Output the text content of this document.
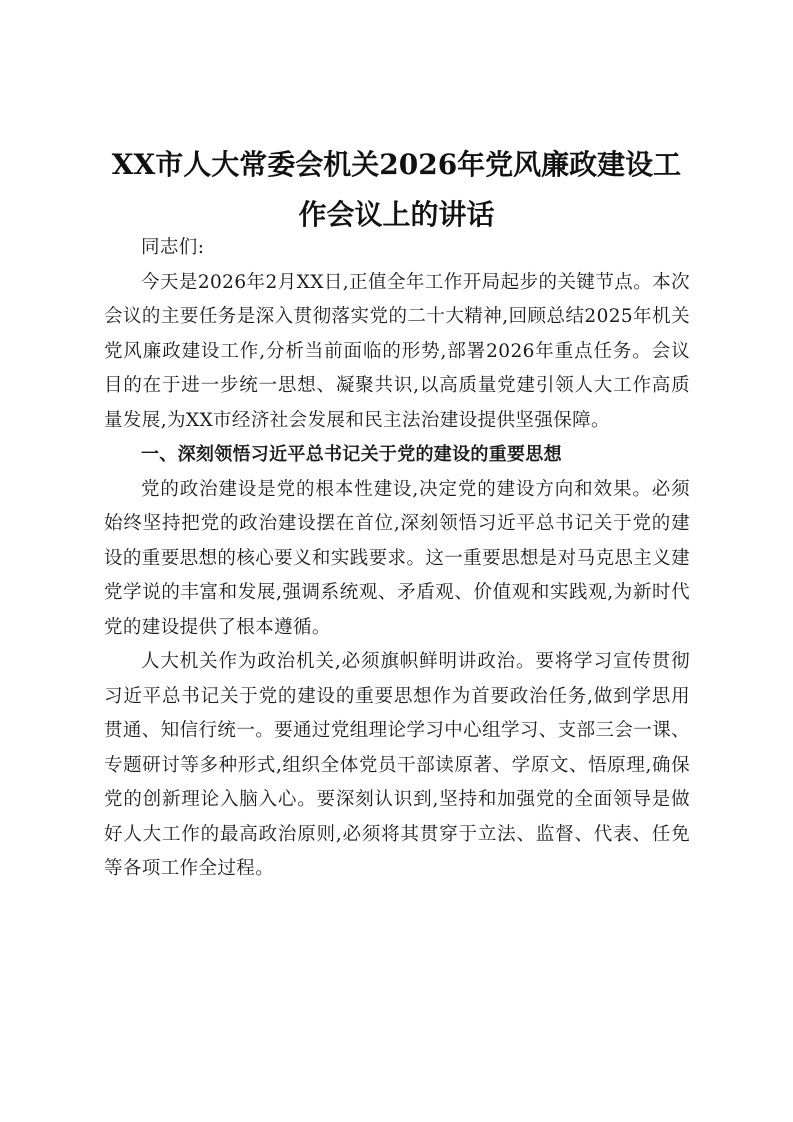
XX市人大常委会机关2026年党风廉政建设工作会议上的讲话

同志们:

今天是2026年2月XX日,正值全年工作开局起步的关键节点。本次会议的主要任务是深入贯彻落实党的二十大精神,回顾总结2025年机关党风廉政建设工作,分析当前面临的形势,部署2026年重点任务。会议目的在于进一步统一思想、凝聚共识,以高质量党建引领人大工作高质量发展,为XX市经济社会发展和民主法治建设提供坚强保障。

一、深刻领悟习近平总书记关于党的建设的重要思想

党的政治建设是党的根本性建设,决定党的建设方向和效果。必须始终坚持把党的政治建设摆在首位,深刻领悟习近平总书记关于党的建设的重要思想的核心要义和实践要求。这一重要思想是对马克思主义建党学说的丰富和发展,强调系统观、矛盾观、价值观和实践观,为新时代党的建设提供了根本遵循。

人大机关作为政治机关,必须旗帜鲜明讲政治。要将学习宣传贯彻习近平总书记关于党的建设的重要思想作为首要政治任务,做到学思用贯通、知信行统一。要通过党组理论学习中心组学习、支部三会一课、专题研讨等多种形式,组织全体党员干部读原著、学原文、悟原理,确保党的创新理论入脑入心。要深刻认识到,坚持和加强党的全面领导是做好人大工作的最高政治原则,必须将其贯穿于立法、监督、代表、任免等各项工作全过程。
